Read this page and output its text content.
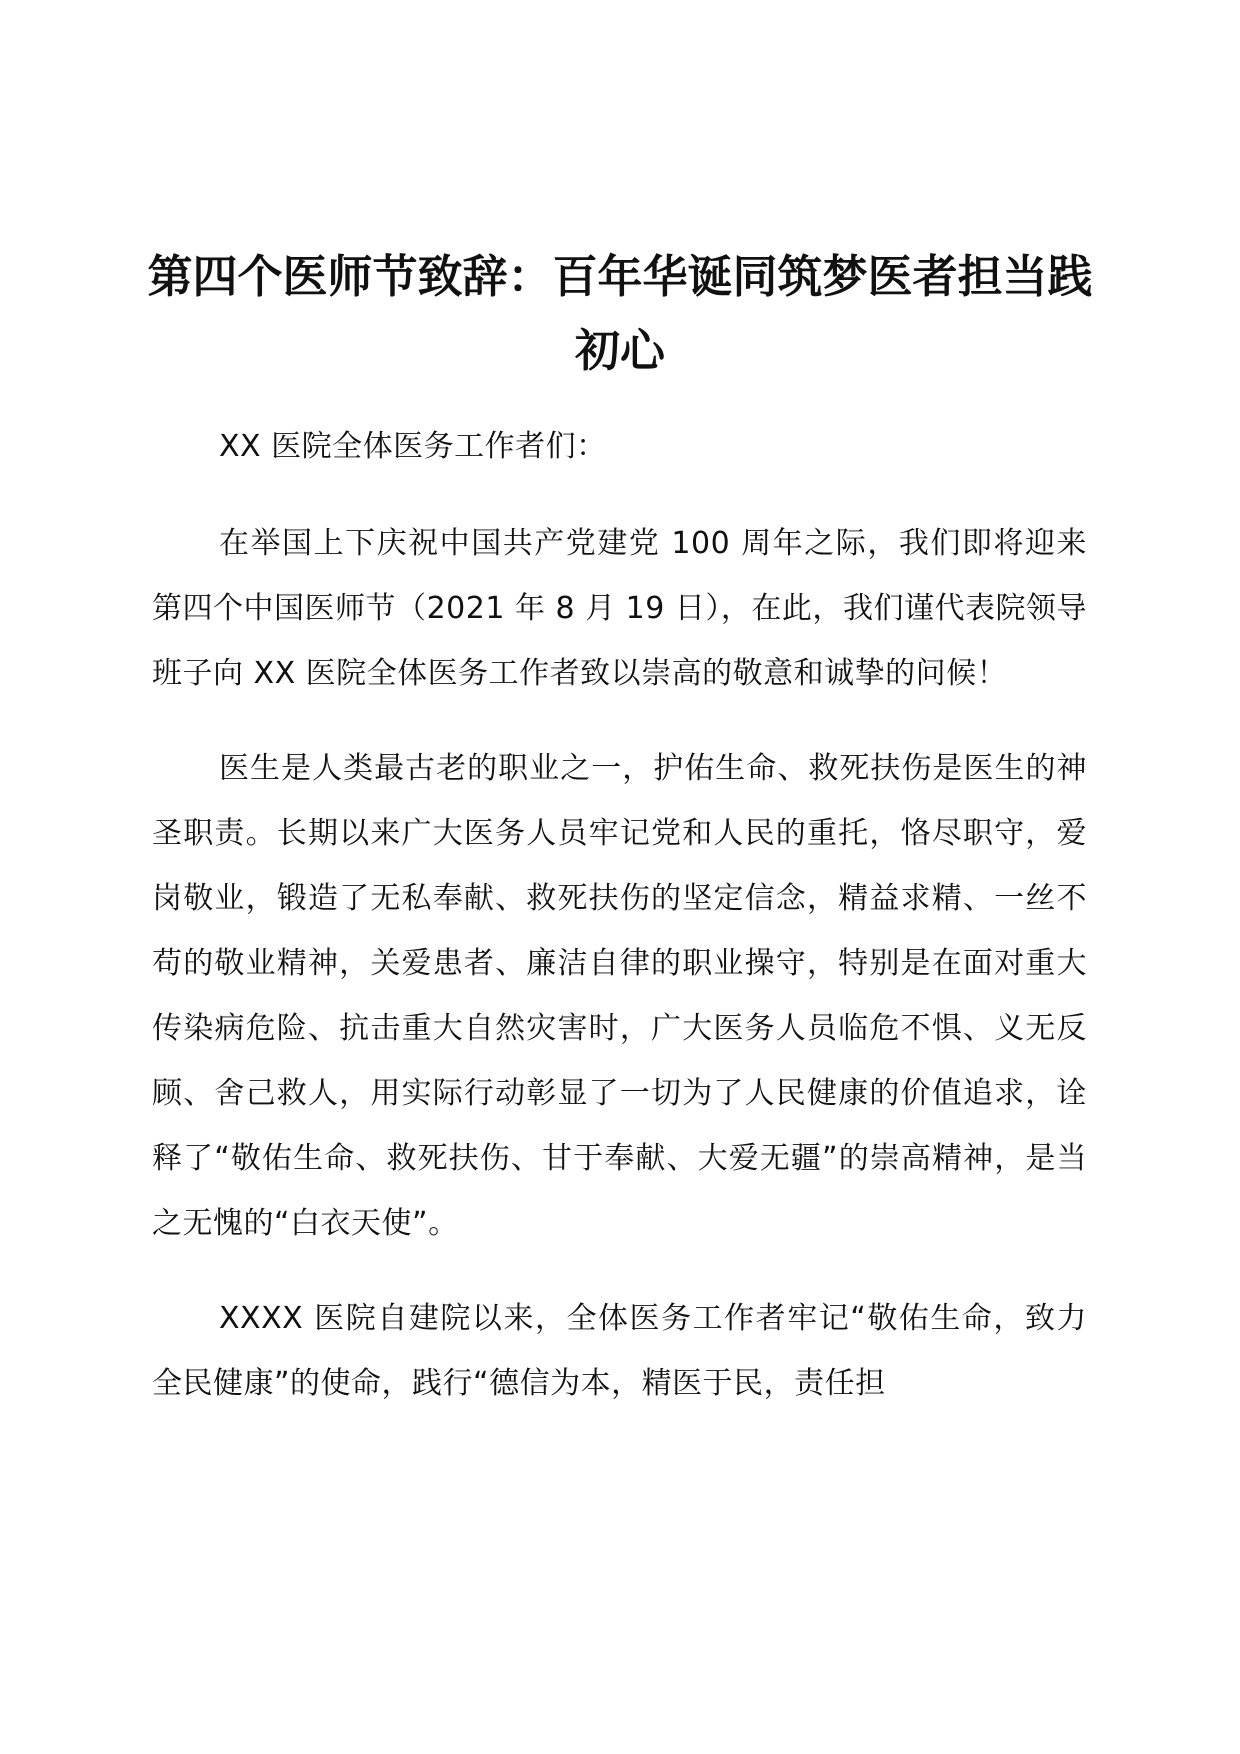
第四个医师节致辞：百年华诞同筑梦医者担当践初心

XX 医院全体医务工作者们：

在举国上下庆祝中国共产党建党 100 周年之际，我们即将迎来第四个中国医师节（2021 年 8 月 19 日），在此，我们谨代表院领导班子向 XX 医院全体医务工作者致以崇高的敬意和诚挚的问候！

医生是人类最古老的职业之一，护佑生命、救死扶伤是医生的神圣职责。长期以来广大医务人员牢记党和人民的重托，恪尽职守，爱岗敬业，锻造了无私奉献、救死扶伤的坚定信念，精益求精、一丝不苟的敬业精神，关爱患者、廉洁自律的职业操守，特别是在面对重大传染病危险、抗击重大自然灾害时，广大医务人员临危不惧、义无反顾、舍己救人，用实际行动彰显了一切为了人民健康的价值追求，诠释了“敬佑生命、救死扶伤、甘于奉献、大爱无疆”的崇高精神，是当之无愧的“白衣天使”。

XXXX 医院自建院以来，全体医务工作者牢记“敬佑生命，致力全民健康”的使命，践行“德信为本，精医于民，责任担
